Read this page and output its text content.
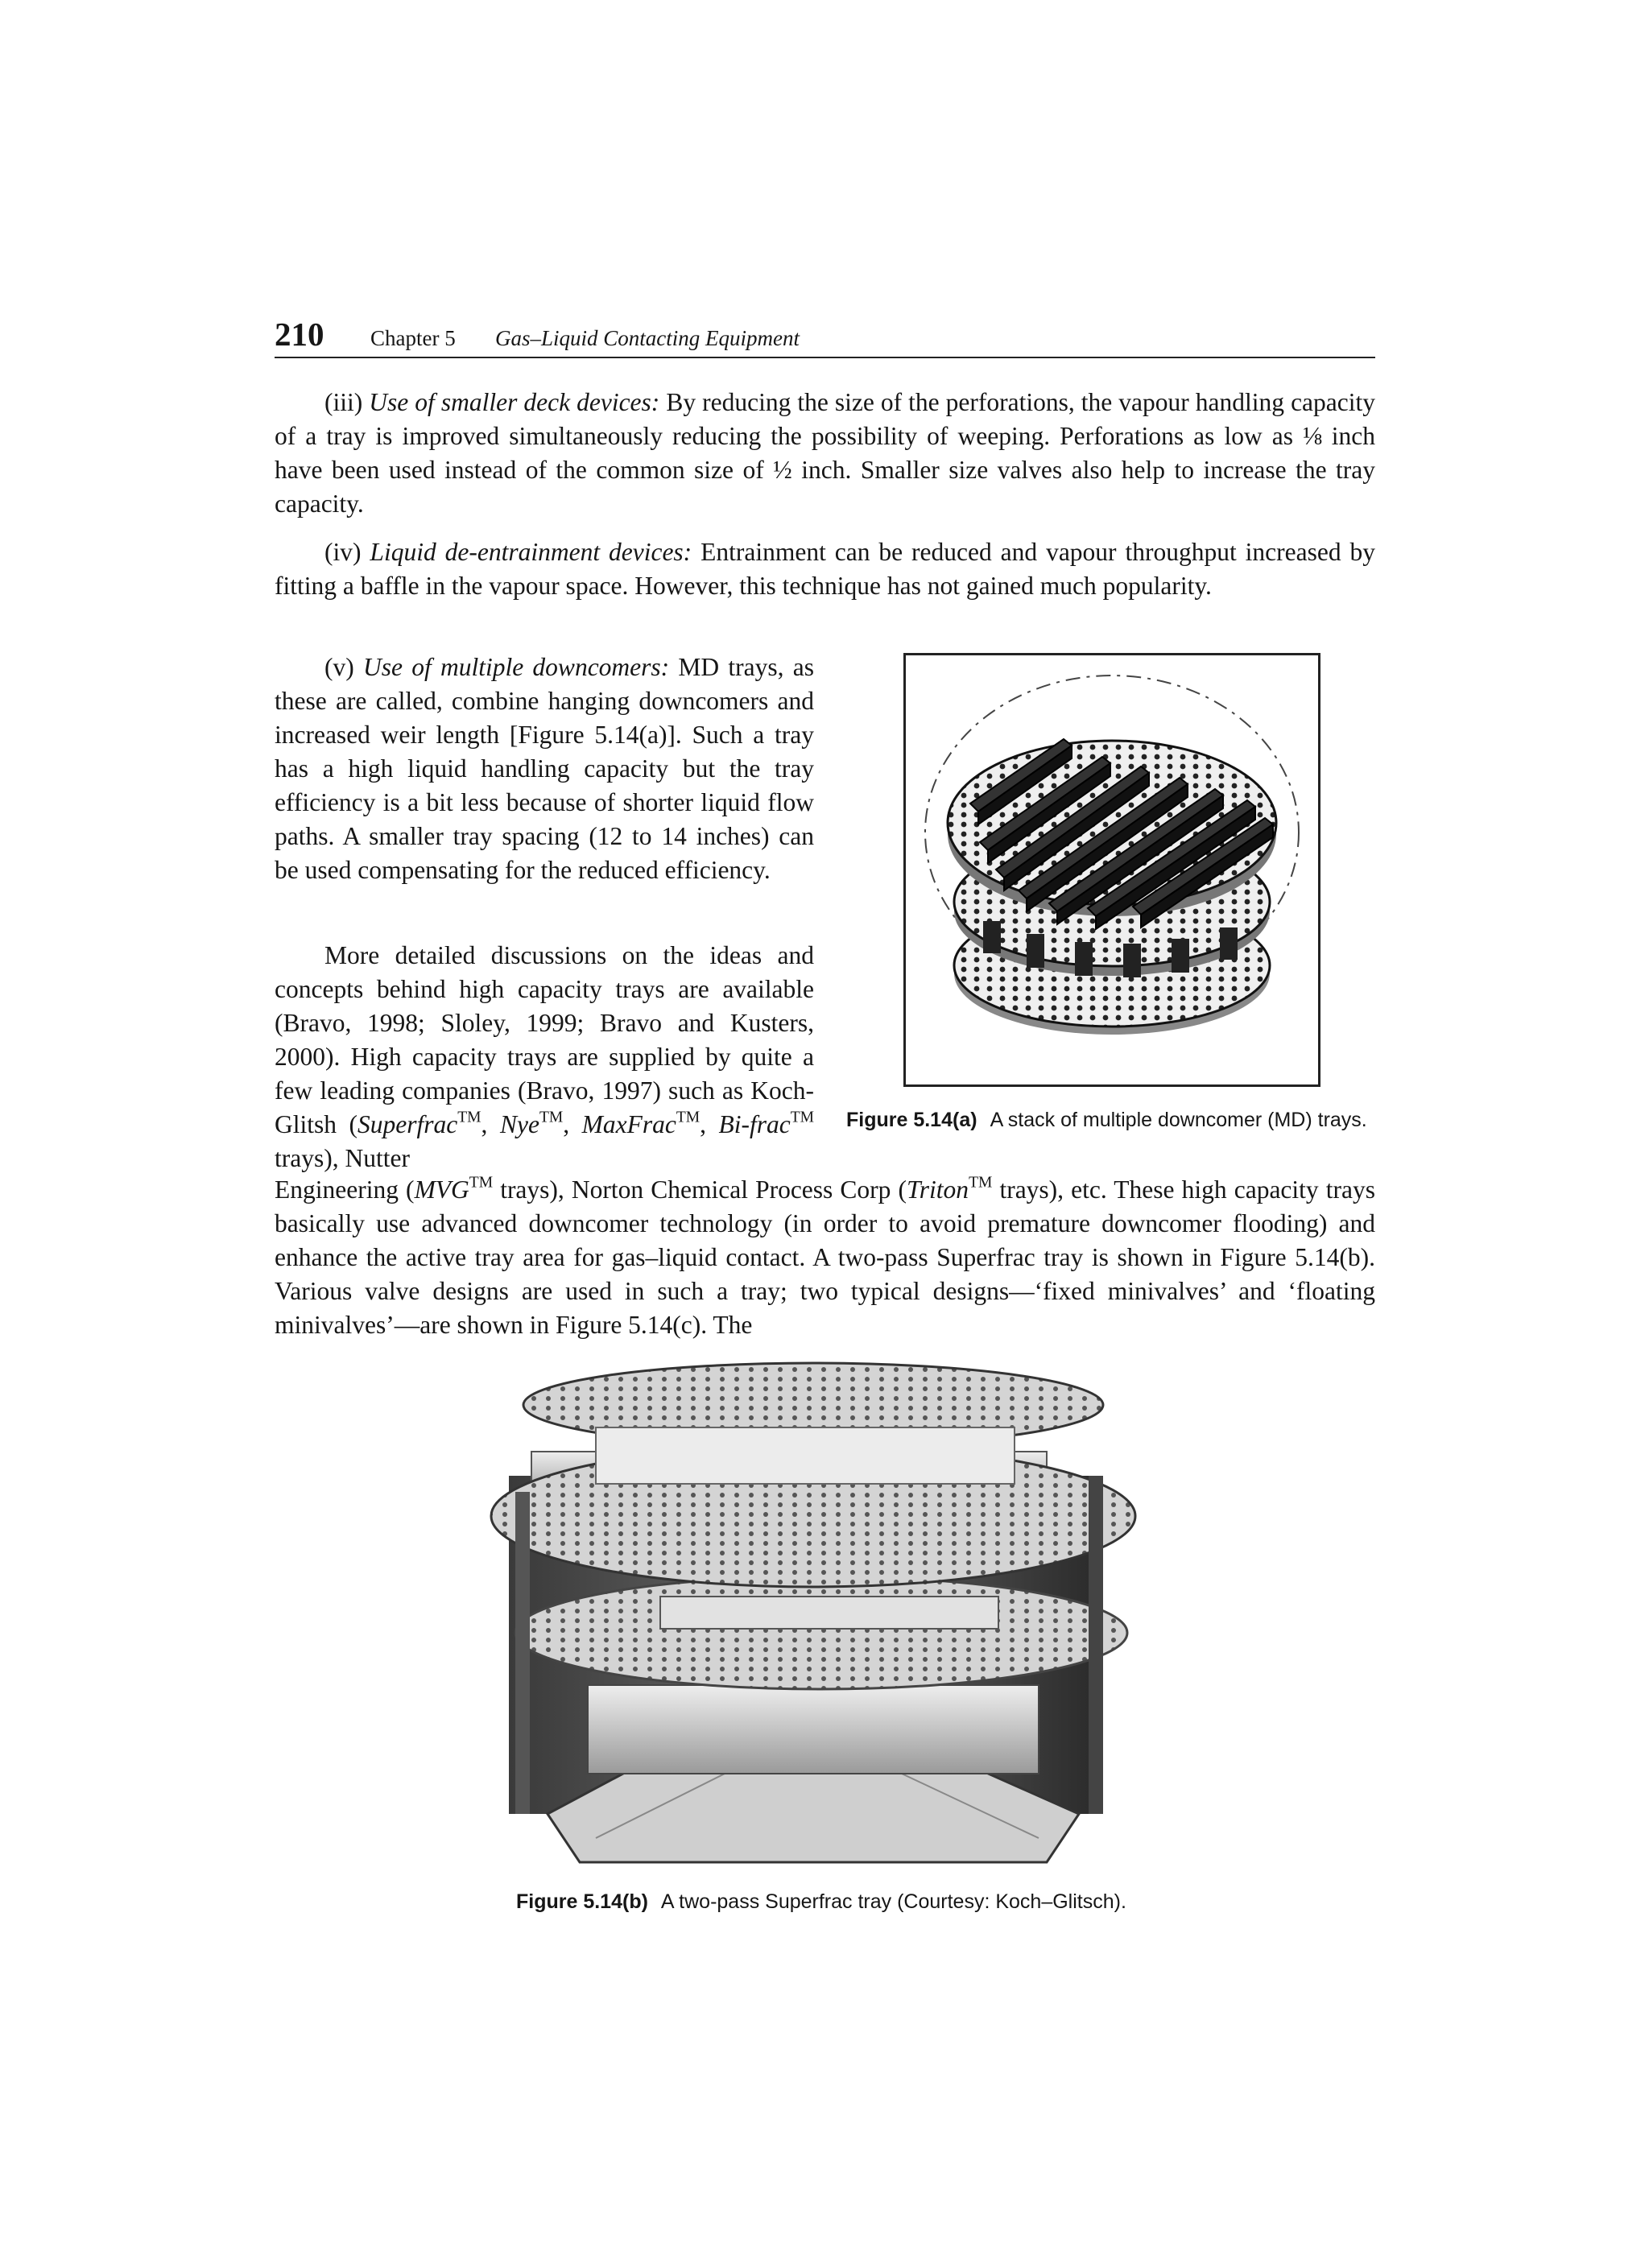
210 Chapter 5 Gas–Liquid Contacting Equipment

(iii) Use of smaller deck devices: By reducing the size of the perforations, the vapour handling capacity of a tray is improved simultaneously reducing the possibility of weeping. Perforations as low as ⅛ inch have been used instead of the common size of ½ inch. Smaller size valves also help to increase the tray capacity.

(iv) Liquid de-entrainment devices: Entrainment can be reduced and vapour throughput increased by fitting a baffle in the vapour space. However, this technique has not gained much popularity.

(v) Use of multiple downcomers: MD trays, as these are called, combine hanging downcomers and increased weir length [Figure 5.14(a)]. Such a tray has a high liquid handling capacity but the tray efficiency is a bit less because of shorter liquid flow paths. A smaller tray spacing (12 to 14 inches) can be used compensating for the reduced efficiency.

More detailed discussions on the ideas and concepts behind high capacity trays are available (Bravo, 1998; Sloley, 1999; Bravo and Kusters, 2000). High capacity trays are supplied by quite a few leading companies (Bravo, 1997) such as Koch-Glitsh (Superfrac™, Nye™, MaxFrac™, Bi-frac™ trays), Nutter

Engineering (MVG™ trays), Norton Chemical Process Corp (Triton™ trays), etc. These high capacity trays basically use advanced downcomer technology (in order to avoid premature downcomer flooding) and enhance the active tray area for gas–liquid contact. A two-pass Superfrac tray is shown in Figure 5.14(b). Various valve designs are used in such a tray; two typical designs—‘fixed minivalves’ and ‘floating minivalves’—are shown in Figure 5.14(c). The

Figure 5.14(a) A stack of multiple downcomer (MD) trays.
Figure 5.14(b) A two-pass Superfrac tray (Courtesy: Koch–Glitsch).
